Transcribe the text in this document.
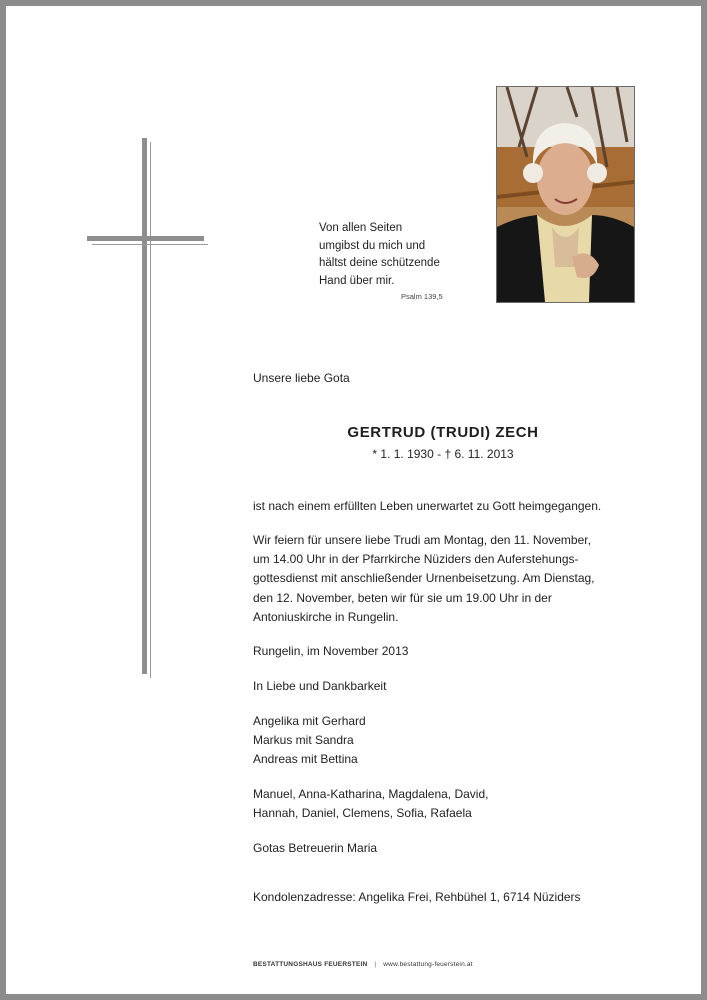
Von allen Seiten
umgibst du mich und
hältst deine schützende
Hand über mir.
Psalm 139,5
Unsere liebe Gota
GERTRUD (TRUDI) ZECH
* 1. 1. 1930 - † 6. 11. 2013
ist nach einem erfüllten Leben unerwartet zu Gott heimgegangen.
Wir feiern für unsere liebe Trudi am Montag, den 11. November,
um 14.00 Uhr in der Pfarrkirche Nüziders den Auferstehungs-
gottesdienst mit anschließender Urnenbeisetzung. Am Dienstag,
den 12. November, beten wir für sie um 19.00 Uhr in der
Antoniuskirche in Rungelin.
Rungelin, im November 2013
In Liebe und Dankbarkeit
Angelika mit Gerhard
Markus mit Sandra
Andreas mit Bettina
Manuel, Anna-Katharina, Magdalena, David,
Hannah, Daniel, Clemens, Sofia, Rafaela
Gotas Betreuerin Maria
Kondolenzadresse: Angelika Frei, Rehbühel 1, 6714 Nüziders
BESTATTUNGSHAUS FEUERSTEIN | www.bestattung-feuerstein.at
